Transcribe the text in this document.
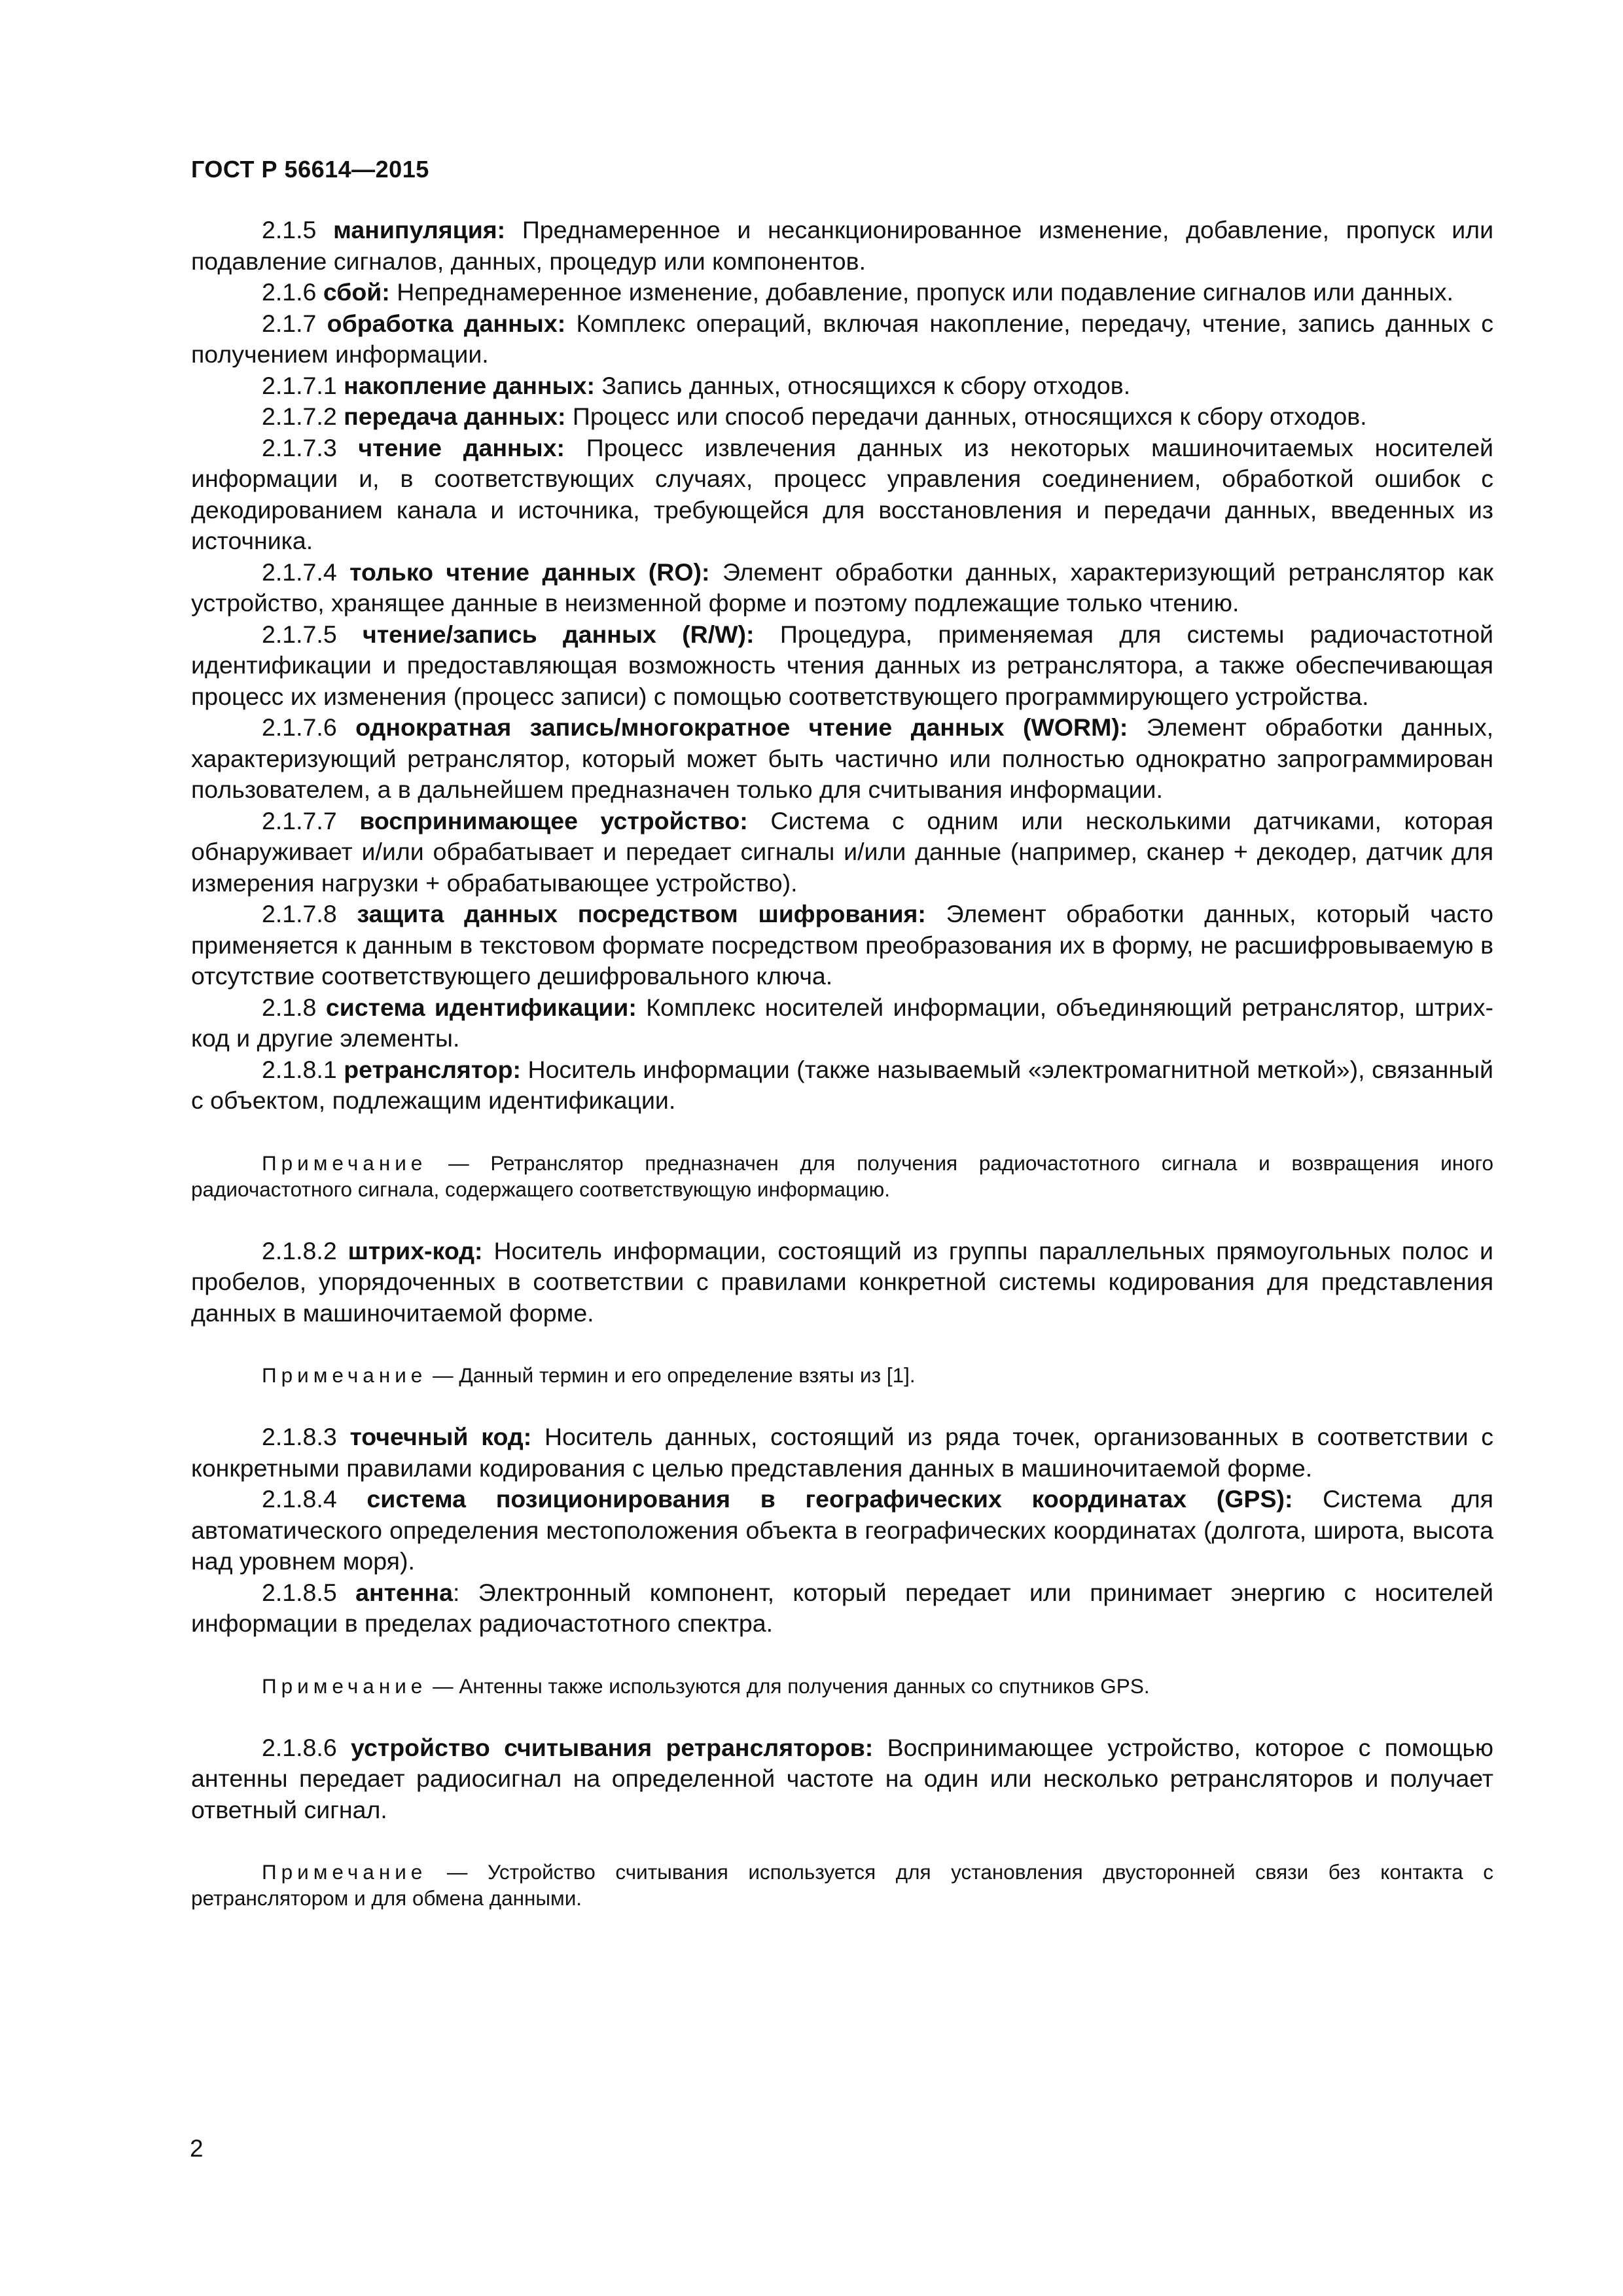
ГОСТ Р 56614—2015

2.1.5 манипуляция: Преднамеренное и несанкционированное изменение, добавление, пропуск или подавление сигналов, данных, процедур или компонентов.

2.1.6 сбой: Непреднамеренное изменение, добавление, пропуск или подавление сигналов или данных.

2.1.7 обработка данных: Комплекс операций, включая накопление, передачу, чтение, запись данных с получением информации.

2.1.7.1 накопление данных: Запись данных, относящихся к сбору отходов.

2.1.7.2 передача данных: Процесс или способ передачи данных, относящихся к сбору отходов.

2.1.7.3 чтение данных: Процесс извлечения данных из некоторых машиночитаемых носителей информации и, в соответствующих случаях, процесс управления соединением, обработкой ошибок с декодированием канала и источника, требующейся для восстановления и передачи данных, введенных из источника.

2.1.7.4 только чтение данных (RO): Элемент обработки данных, характеризующий ретранслятор как устройство, хранящее данные в неизменной форме и поэтому подлежащие только чтению.

2.1.7.5 чтение/запись данных (R/W): Процедура, применяемая для системы радиочастотной идентификации и предоставляющая возможность чтения данных из ретранслятора, а также обеспечивающая процесс их изменения (процесс записи) с помощью соответствующего программирующего устройства.

2.1.7.6 однократная запись/многократное чтение данных (WORM): Элемент обработки данных, характеризующий ретранслятор, который может быть частично или полностью однократно запрограммирован пользователем, а в дальнейшем предназначен только для считывания информации.

2.1.7.7 воспринимающее устройство: Система с одним или несколькими датчиками, которая обнаруживает и/или обрабатывает и передает сигналы и/или данные (например, сканер + декодер, датчик для измерения нагрузки + обрабатывающее устройство).

2.1.7.8 защита данных посредством шифрования: Элемент обработки данных, который часто применяется к данным в текстовом формате посредством преобразования их в форму, не расшифровываемую в отсутствие соответствующего дешифровального ключа.

2.1.8 система идентификации: Комплекс носителей информации, объединяющий ретранслятор, штрих-код и другие элементы.

2.1.8.1 ретранслятор: Носитель информации (также называемый «электромагнитной меткой»), связанный с объектом, подлежащим идентификации.

Примечание — Ретранслятор предназначен для получения радиочастотного сигнала и возвращения иного радиочастотного сигнала, содержащего соответствующую информацию.

2.1.8.2 штрих-код: Носитель информации, состоящий из группы параллельных прямоугольных полос и пробелов, упорядоченных в соответствии с правилами конкретной системы кодирования для представления данных в машиночитаемой форме.

Примечание — Данный термин и его определение взяты из [1].

2.1.8.3 точечный код: Носитель данных, состоящий из ряда точек, организованных в соответствии с конкретными правилами кодирования с целью представления данных в машиночитаемой форме.

2.1.8.4 система позиционирования в географических координатах (GPS): Система для автоматического определения местоположения объекта в географических координатах (долгота, широта, высота над уровнем моря).

2.1.8.5 антенна: Электронный компонент, который передает или принимает энергию с носителей информации в пределах радиочастотного спектра.

Примечание — Антенны также используются для получения данных со спутников GPS.

2.1.8.6 устройство считывания ретрансляторов: Воспринимающее устройство, которое с помощью антенны передает радиосигнал на определенной частоте на один или несколько ретрансляторов и получает ответный сигнал.

Примечание — Устройство считывания используется для установления двусторонней связи без контакта с ретранслятором и для обмена данными.

2
